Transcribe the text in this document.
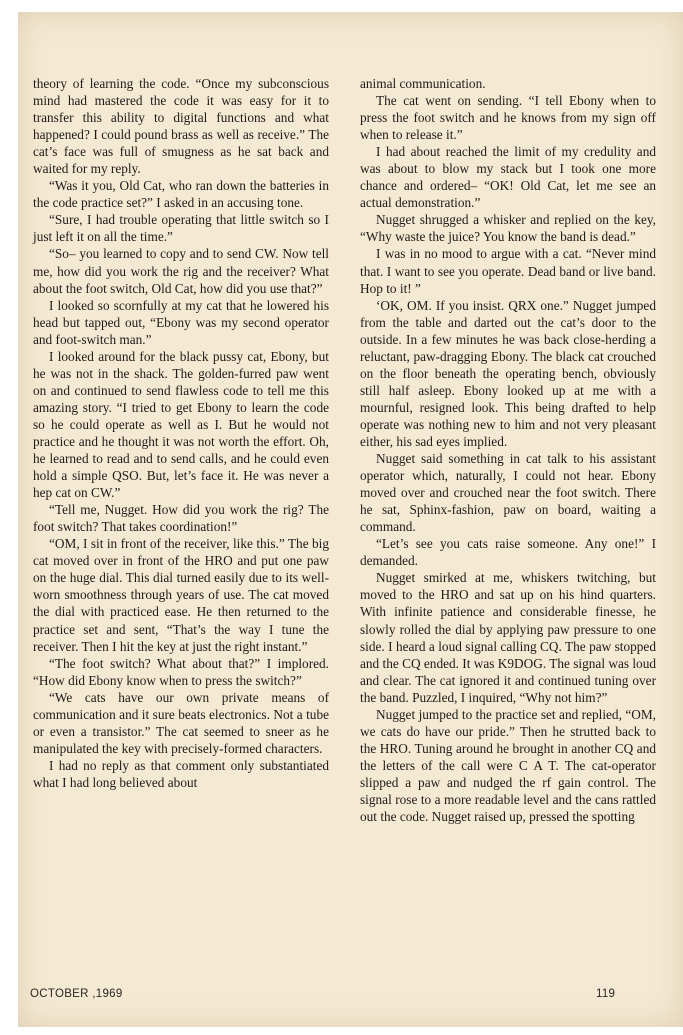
theory of learning the code. “Once my subconscious mind had mastered the code it was easy for it to transfer this ability to digital functions and what happened? I could pound brass as well as receive.” The cat’s face was full of smugness as he sat back and waited for my reply.

“Was it you, Old Cat, who ran down the batteries in the code practice set?” I asked in an accusing tone.

“Sure, I had trouble operating that little switch so I just left it on all the time.”

“So– you learned to copy and to send CW. Now tell me, how did you work the rig and the receiver? What about the foot switch, Old Cat, how did you use that?”

I looked so scornfully at my cat that he lowered his head but tapped out, “Ebony was my second operator and foot-switch man.”

I looked around for the black pussy cat, Ebony, but he was not in the shack. The golden-furred paw went on and continued to send flawless code to tell me this amazing story. “I tried to get Ebony to learn the code so he could operate as well as I. But he would not practice and he thought it was not worth the effort. Oh, he learned to read and to send calls, and he could even hold a simple QSO. But, let’s face it. He was never a hep cat on CW.”

“Tell me, Nugget. How did you work the rig? The foot switch? That takes coordination!”

“OM, I sit in front of the receiver, like this.” The big cat moved over in front of the HRO and put one paw on the huge dial. This dial turned easily due to its well-worn smoothness through years of use. The cat moved the dial with practiced ease. He then returned to the practice set and sent, “That’s the way I tune the receiver. Then I hit the key at just the right instant.”

“The foot switch? What about that?” I implored. “How did Ebony know when to press the switch?”

“We cats have our own private means of communication and it sure beats electronics. Not a tube or even a transistor.” The cat seemed to sneer as he manipulated the key with precisely-formed characters.

I had no reply as that comment only substantiated what I had long believed about

animal communication.

The cat went on sending. “I tell Ebony when to press the foot switch and he knows from my sign off when to release it.”

I had about reached the limit of my credulity and was about to blow my stack but I took one more chance and ordered– “OK! Old Cat, let me see an actual demonstration.”

Nugget shrugged a whisker and replied on the key, “Why waste the juice? You know the band is dead.”

I was in no mood to argue with a cat. “Never mind that. I want to see you operate. Dead band or live band. Hop to it! ”

‘OK, OM. If you insist. QRX one.” Nugget jumped from the table and darted out the cat’s door to the outside. In a few minutes he was back close-herding a reluctant, paw-dragging Ebony. The black cat crouched on the floor beneath the operating bench, obviously still half asleep. Ebony looked up at me with a mournful, resigned look. This being drafted to help operate was nothing new to him and not very pleasant either, his sad eyes implied.

Nugget said something in cat talk to his assistant operator which, naturally, I could not hear. Ebony moved over and crouched near the foot switch. There he sat, Sphinx-fashion, paw on board, waiting a command.

“Let’s see you cats raise someone. Any one!” I demanded.

Nugget smirked at me, whiskers twitching, but moved to the HRO and sat up on his hind quarters. With infinite patience and considerable finesse, he slowly rolled the dial by applying paw pressure to one side. I heard a loud signal calling CQ. The paw stopped and the CQ ended. It was K9DOG. The signal was loud and clear. The cat ignored it and continued tuning over the band. Puzzled, I inquired, “Why not him?”

Nugget jumped to the practice set and replied, “OM, we cats do have our pride.” Then he strutted back to the HRO. Tuning around he brought in another CQ and the letters of the call were C A T. The cat-operator slipped a paw and nudged the rf gain control. The signal rose to a more readable level and the cans rattled out the code. Nugget raised up, pressed the spotting

OCTOBER ,1969	119
